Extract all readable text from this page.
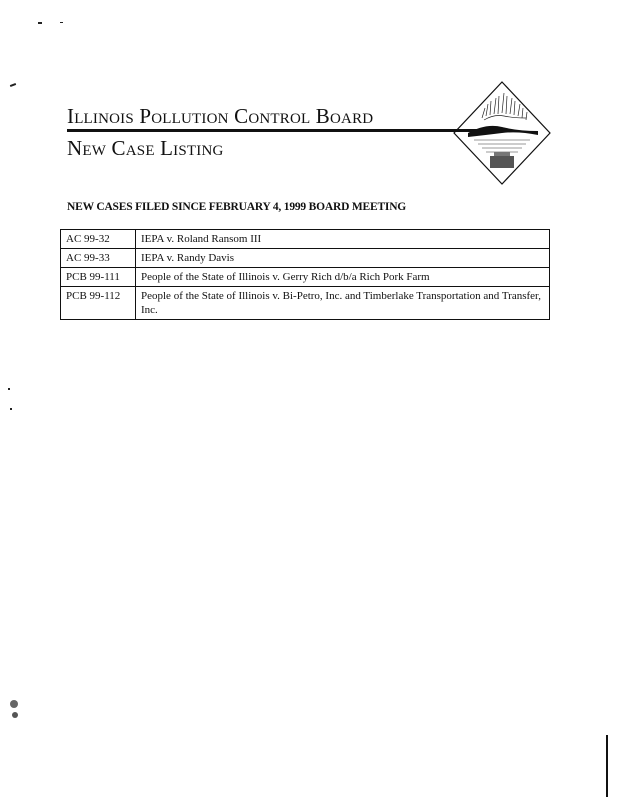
Illinois Pollution Control Board
New Case Listing
NEW CASES FILED SINCE FEBRUARY 4, 1999 BOARD MEETING
AC 99-32	IEPA v. Roland Ransom III
AC 99-33	IEPA v. Randy Davis
PCB 99-111	People of the State of Illinois v. Gerry Rich d/b/a Rich Pork Farm
PCB 99-112	People of the State of Illinois v. Bi-Petro, Inc. and Timberlake Transportation and Transfer, Inc.
